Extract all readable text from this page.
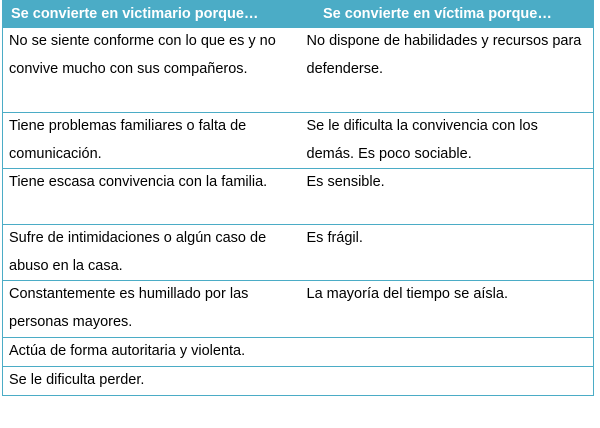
Se convierte en victimario porque…	Se convierte en víctima porque…
No se siente conforme con lo que es y no convive mucho con sus compañeros.	No dispone de habilidades y recursos para defenderse.
Tiene problemas familiares o falta de comunicación.	Se le dificulta la convivencia con los demás. Es poco sociable.
Tiene escasa convivencia con la familia.	Es sensible.
Sufre de intimidaciones o algún caso de abuso en la casa.	Es frágil.
Constantemente es humillado por las personas mayores.	La mayoría del tiempo se aísla.
Actúa de forma autoritaria y violenta.	
Se le dificulta perder.	
